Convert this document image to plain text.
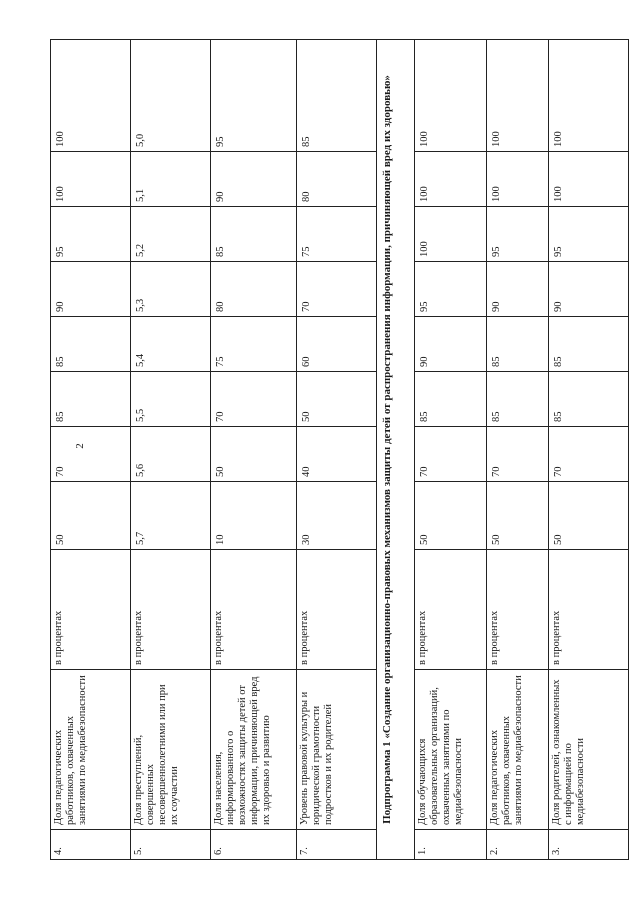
2
4.	Доля педагогических работников, охваченных занятиями по медиабезопасности	в процентах	50	70	85	85	90	95	100	100
5.	Доля преступлений, совершенных несовершеннолетними или при их соучастии	в процентах	5,7	5,6	5,5	5,4	5,3	5,2	5,1	5,0
6.	Доля населения, информированного о возможностях защиты детей от информации, причиняющей вред их здоровью и развитию	в процентах	10	50	70	75	80	85	90	95
7.	Уровень правовой культуры и юридической грамотности подростков и их родителей	в процентах	30	40	50	60	70	75	80	85
Подпрограмма 1 «Создание организационно-правовых механизмов защиты детей от распространения информации, причиняющей вред их здоровью»										
1.	Доля обучающихся образовательных организаций, охваченных занятиями по медиабезопасности	в процентах	50	70	85	90	95	100	100	100
2.	Доля педагогических работников, охваченных занятиями по медиабезопасности	в процентах	50	70	85	85	90	95	100	100
3.	Доля родителей, ознакомленных с информацией по медиабезопасности	в процентах	50	70	85	85	90	95	100	100
